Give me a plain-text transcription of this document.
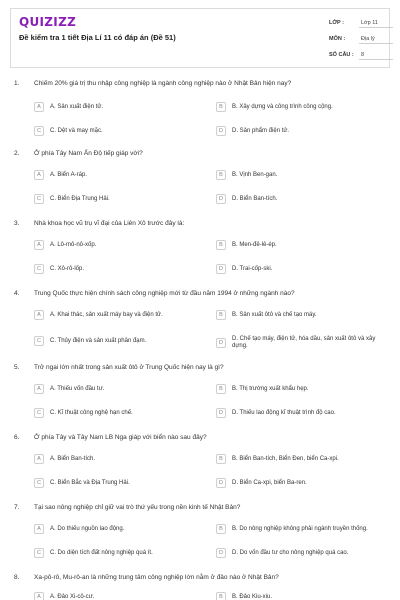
QUIZIZZ
Đề kiểm tra 1 tiết Địa Lí 11 có đáp án (Đề 51)
LỚP :	Lớp 11
MÔN :	Địa lý
SỐ CÂU :	8
1. Chiếm 20% giá trị thu nhập công nghiệp là ngành công nghiệp nào ở Nhật Bản hiện nay?
A	A. Sản xuất điện tử.	B	B. Xây dựng và công trình công cộng.
C	C. Dệt và may mặc.	D	D. Sản phẩm điện tử.
2. Ở phía Tây Nam Ấn Độ tiếp giáp với?
A	A. Biển A-ráp.	B	B. Vịnh Ben-gan.
C	C. Biển Địa Trung Hải.	D	D. Biển Ban-tích.
3. Nhà khoa học vũ trụ vĩ đại của Liên Xô trước đây là:
A	A. Lô-mô-nô-xốp.	B	B. Men-đê-lê-ép.
C	C. Xô-rô-lốp.	D	D. Trai-cốp-ski.
4. Trung Quốc thực hiện chính sách công nghiệp mới từ đầu năm 1994 ở những ngành nào?
A	A. Khai thác, sản xuất máy bay và điện tử.	B	B. Sản xuất ôtô và chế tạo máy.
C	C. Thủy điện và sản xuất phân đạm.	D
D. Chế tạo máy, điện tử, hóa dầu, sản xuất ôtô và xây dựng.
5. Trở ngại lớn nhất trong sản xuất ôtô ở Trung Quốc hiện nay là gì?
A	A. Thiếu vốn đầu tư.	B	B. Thị trường xuất khẩu hẹp.
C	C. Kĩ thuật công nghệ hạn chế.	D	D. Thiếu lao động kĩ thuật trình độ cao.
6. Ở phía Tây và Tây Nam LB Nga giáp với biển nào sau đây?
A	A. Biển Ban-tích.	B	B. Biển Ban-tích, Biển Đen, biển Ca-xpi.
C	C. Biển Bắc và Địa Trung Hải.	D	D. Biển Ca-xpi, biển Ba-ren.
7. Tại sao nông nghiệp chỉ giữ vai trò thứ yếu trong nền kinh tế Nhật Bản?
A	A. Do thiếu nguồn lao động.	B	B. Do nông nghiệp không phải ngành truyền thống.
C	C. Do diện tích đất nông nghiệp quá ít.	D	D. Do vốn đầu tư cho nông nghiệp quá cao.
8. Xa-pô-rô, Mu-rô-an là những trung tâm công nghiệp lớn nằm ở đảo nào ở Nhật Bản?
A	A. Đảo Xi-cô-cư.	B	B. Đảo Kiu-xiu.
